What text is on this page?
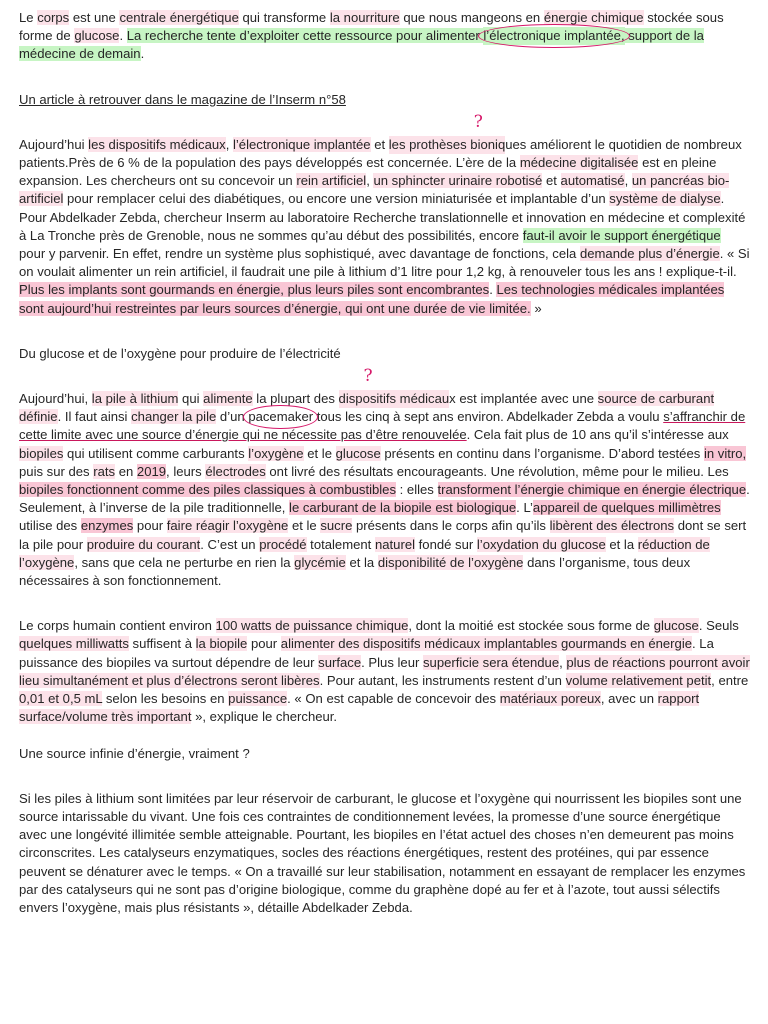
Le corps est une centrale énergétique qui transforme la nourriture que nous mangeons en énergie chimique stockée sous forme de glucose. La recherche tente d’exploiter cette ressource pour alimenter l’électronique implantée, support de la médecine de demain.

Un article à retrouver dans le magazine de l’Inserm n°58

Aujourd’hui les dispositifs médicaux, l’électronique implantée et les prothèses bioniq
?
ues améliorent le quotidien de nombreux patients.Près de 6 % de la population des pays développés est concernée. L’ère de la médecine digitalisée est en pleine expansion. Les chercheurs ont su concevoir un rein artificiel, un sphincter urinaire robotisé et automatisé, un pancréas bio-artificiel pour remplacer celui des diabétiques, ou encore une version miniaturisée et implantable d’un système de dialyse. Pour Abdelkader Zebda, chercheur Inserm au laboratoire Recherche translationnelle et innovation en médecine et complexité à La Tronche près de Grenoble, nous ne sommes qu’au début des possibilités, encore faut-il avoir le support énergétique pour y parvenir. En effet, rendre un système plus sophistiqué, avec davantage de fonctions, cela demande plus d’énergie. « Si on voulait alimenter un rein artificiel, il faudrait une pile à lithium d’1 litre pour 1,2 kg, à renouveler tous les ans ! explique-t-il. Plus les implants sont gourmands en énergie, plus leurs piles sont encombrantes. Les technologies médicales implantées sont aujourd’hui restreintes par leurs sources d’énergie, qui ont une durée de vie limitée. »

Du glucose et de l’oxygène pour produire de l’électricité

Aujourd’hui, la pile à lithium qui alimente la plupart des dispositifs médicau
?
x est implantée avec une source de carburant définie. Il faut ainsi changer la pile d’un pacemaker
tous les cinq à sept ans environ. Abdelkader Zebda a voulu s’affranchir de cette limite avec une source d’énergie qui ne nécessite pas d’être renouvelée. Cela fait plus de 10 ans qu’il s’intéresse aux biopiles qui utilisent comme carburants l’oxygène et le glucose présents en continu dans l’organisme. D’abord testées in vitro, puis sur des rats en 2019, leurs électrodes ont livré des résultats encourageants. Une révolution, même pour le milieu. Les biopiles fonctionnent comme des piles classiques à combustibles : elles transforment l’énergie chimique en énergie électrique. Seulement, à l’inverse de la pile traditionnelle, le carburant de la biopile est biologique. L’appareil de quelques millimètres utilise des enzymes pour faire réagir l’oxygène et le sucre présents dans le corps afin qu’ils libèrent des électrons dont se sert la pile pour produire du courant. C’est un procédé totalement naturel fondé sur l’oxydation du glucose et la réduction de l’oxygène, sans que cela ne perturbe en rien la glycémie et la disponibilité de l’oxygène dans l’organisme, tous deux nécessaires à son fonctionnement.

Le corps humain contient environ 100 watts de puissance chimique, dont la moitié est stockée sous forme de glucose. Seuls quelques milliwatts suffisent à la biopile pour alimenter des dispositifs médicaux implantables gourmands en énergie. La puissance des biopiles va surtout dépendre de leur surface. Plus leur superficie sera étendue, plus de réactions pourront avoir lieu simultanément et plus d’électrons seront libères. Pour autant, les instruments restent d’un volume relativement petit, entre 0,01 et 0,5 mL selon les besoins en puissance. « On est capable de concevoir des matériaux poreux, avec un rapport surface/volume très important », explique le chercheur.

Une source infinie d’énergie, vraiment ?

Si les piles à lithium sont limitées par leur réservoir de carburant, le glucose et l’oxygène qui nourrissent les biopiles sont une source intarissable du vivant. Une fois ces contraintes de conditionnement levées, la promesse d’une source énergétique avec une longévité illimitée semble atteignable. Pourtant, les biopiles en l’état actuel des choses n’en demeurent pas moins circonscrites. Les catalyseurs enzymatiques, socles des réactions énergétiques, restent des protéines, qui par essence peuvent se dénaturer avec le temps. « On a travaillé sur leur stabilisation, notamment en essayant de remplacer les enzymes par des catalyseurs qui ne sont pas d’origine biologique, comme du graphène dopé au fer et à l’azote, tout aussi sélectifs envers l’oxygène, mais plus résistants », détaille Abdelkader Zebda.
